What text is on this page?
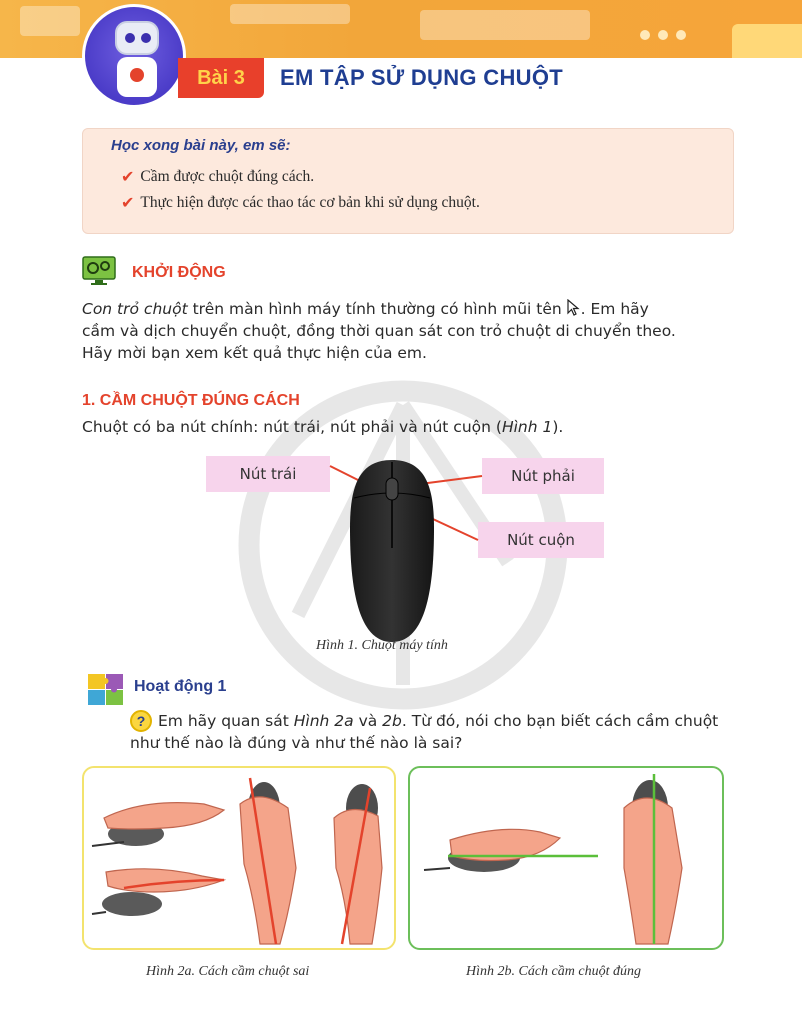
Bài 3 EM TẬP SỬ DỤNG CHUỘT
Học xong bài này, em sẽ:
✔ Cầm được chuột đúng cách.
✔ Thực hiện được các thao tác cơ bản khi sử dụng chuột.
KHỞI ĐỘNG
Con trỏ chuột trên màn hình máy tính thường có hình mũi tên . Em hãy
cầm và dịch chuyển chuột, đồng thời quan sát con trỏ chuột di chuyển theo.
Hãy mời bạn xem kết quả thực hiện của em.
1. CẦM CHUỘT ĐÚNG CÁCH
Chuột có ba nút chính: nút trái, nút phải và nút cuộn (Hình 1).
Nút trái	Nút phải
Nút cuộn
Hình 1. Chuột máy tính
Hoạt động 1
? Em hãy quan sát Hình 2a và 2b. Từ đó, nói cho bạn biết cách cầm chuột
như thế nào là đúng và như thế nào là sai?
Hình 2a. Cách cầm chuột sai	Hình 2b. Cách cầm chuột đúng
